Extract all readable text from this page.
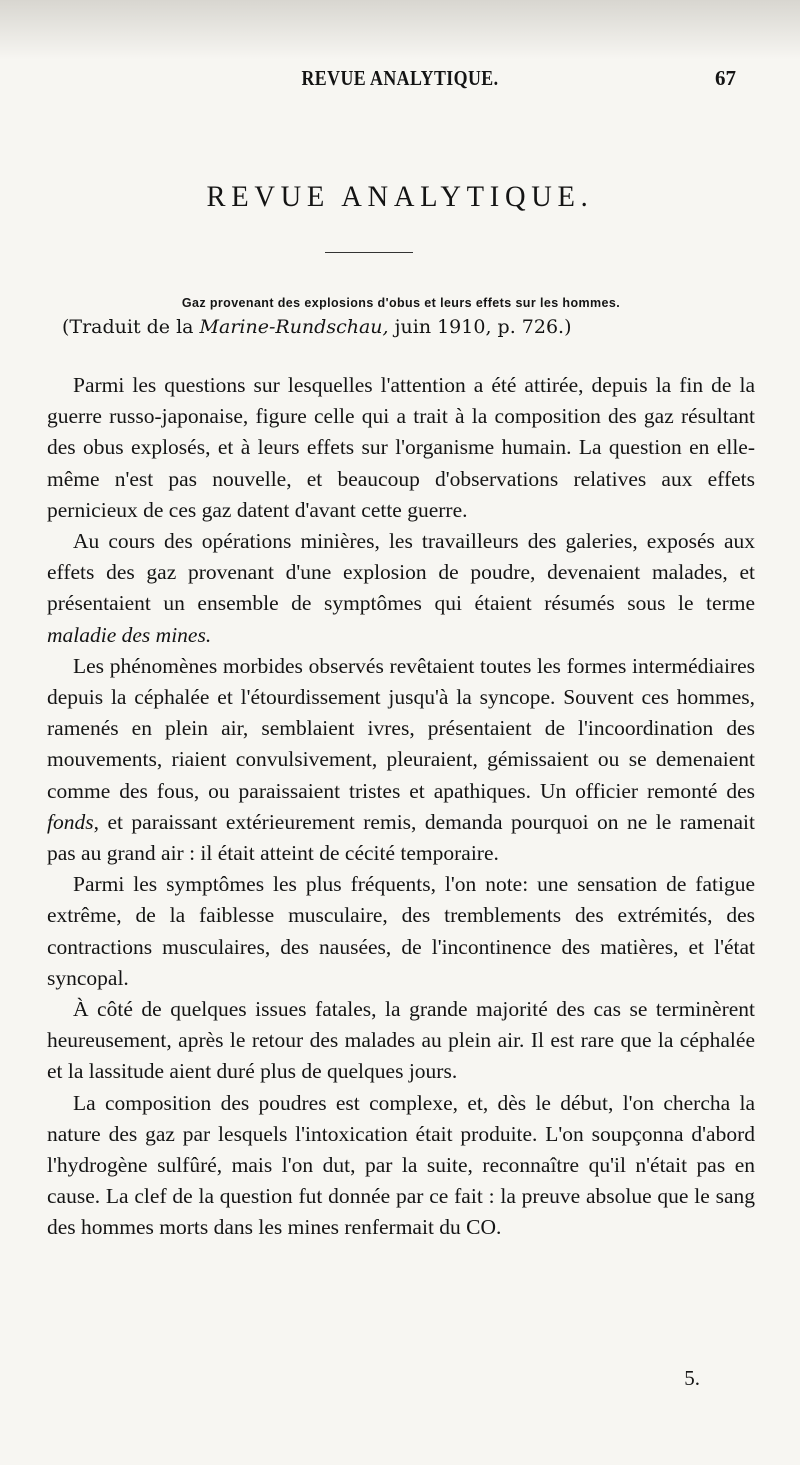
REVUE ANALYTIQUE.	67
REVUE ANALYTIQUE.
Gaz provenant des explosions d'obus et leurs effets sur les hommes.
(Traduit de la Marine-Rundschau, juin 1910, p. 726.)

Parmi les questions sur lesquelles l'attention a été attirée, depuis la fin de la guerre russo-japonaise, figure celle qui a trait à la composition des gaz résultant des obus explosés, et à leurs effets sur l'organisme humain. La question en elle-même n'est pas nouvelle, et beaucoup d'observations relatives aux effets pernicieux de ces gaz datent d'avant cette guerre.

Au cours des opérations minières, les travailleurs des galeries, exposés aux effets des gaz provenant d'une explosion de poudre, devenaient malades, et présentaient un ensemble de symptômes qui étaient résumés sous le terme maladie des mines.

Les phénomènes morbides observés revêtaient toutes les formes intermédiaires depuis la céphalée et l'étourdissement jusqu'à la syncope. Souvent ces hommes, ramenés en plein air, semblaient ivres, présentaient de l'incoordination des mouvements, riaient convulsivement, pleuraient, gémissaient ou se demenaient comme des fous, ou paraissaient tristes et apathiques. Un officier remonté des fonds, et paraissant extérieurement remis, demanda pourquoi on ne le ramenait pas au grand air : il était atteint de cécité temporaire.

Parmi les symptômes les plus fréquents, l'on note: une sensation de fatigue extrême, de la faiblesse musculaire, des tremblements des extrémités, des contractions musculaires, des nausées, de l'incontinence des matières, et l'état syncopal.

À côté de quelques issues fatales, la grande majorité des cas se terminèrent heureusement, après le retour des malades au plein air. Il est rare que la céphalée et la lassitude aient duré plus de quelques jours.

La composition des poudres est complexe, et, dès le début, l'on chercha la nature des gaz par lesquels l'intoxication était produite. L'on soupçonna d'abord l'hydrogène sulfûré, mais l'on dut, par la suite, reconnaître qu'il n'était pas en cause. La clef de la question fut donnée par ce fait : la preuve absolue que le sang des hommes morts dans les mines renfermait du CO.

5.
